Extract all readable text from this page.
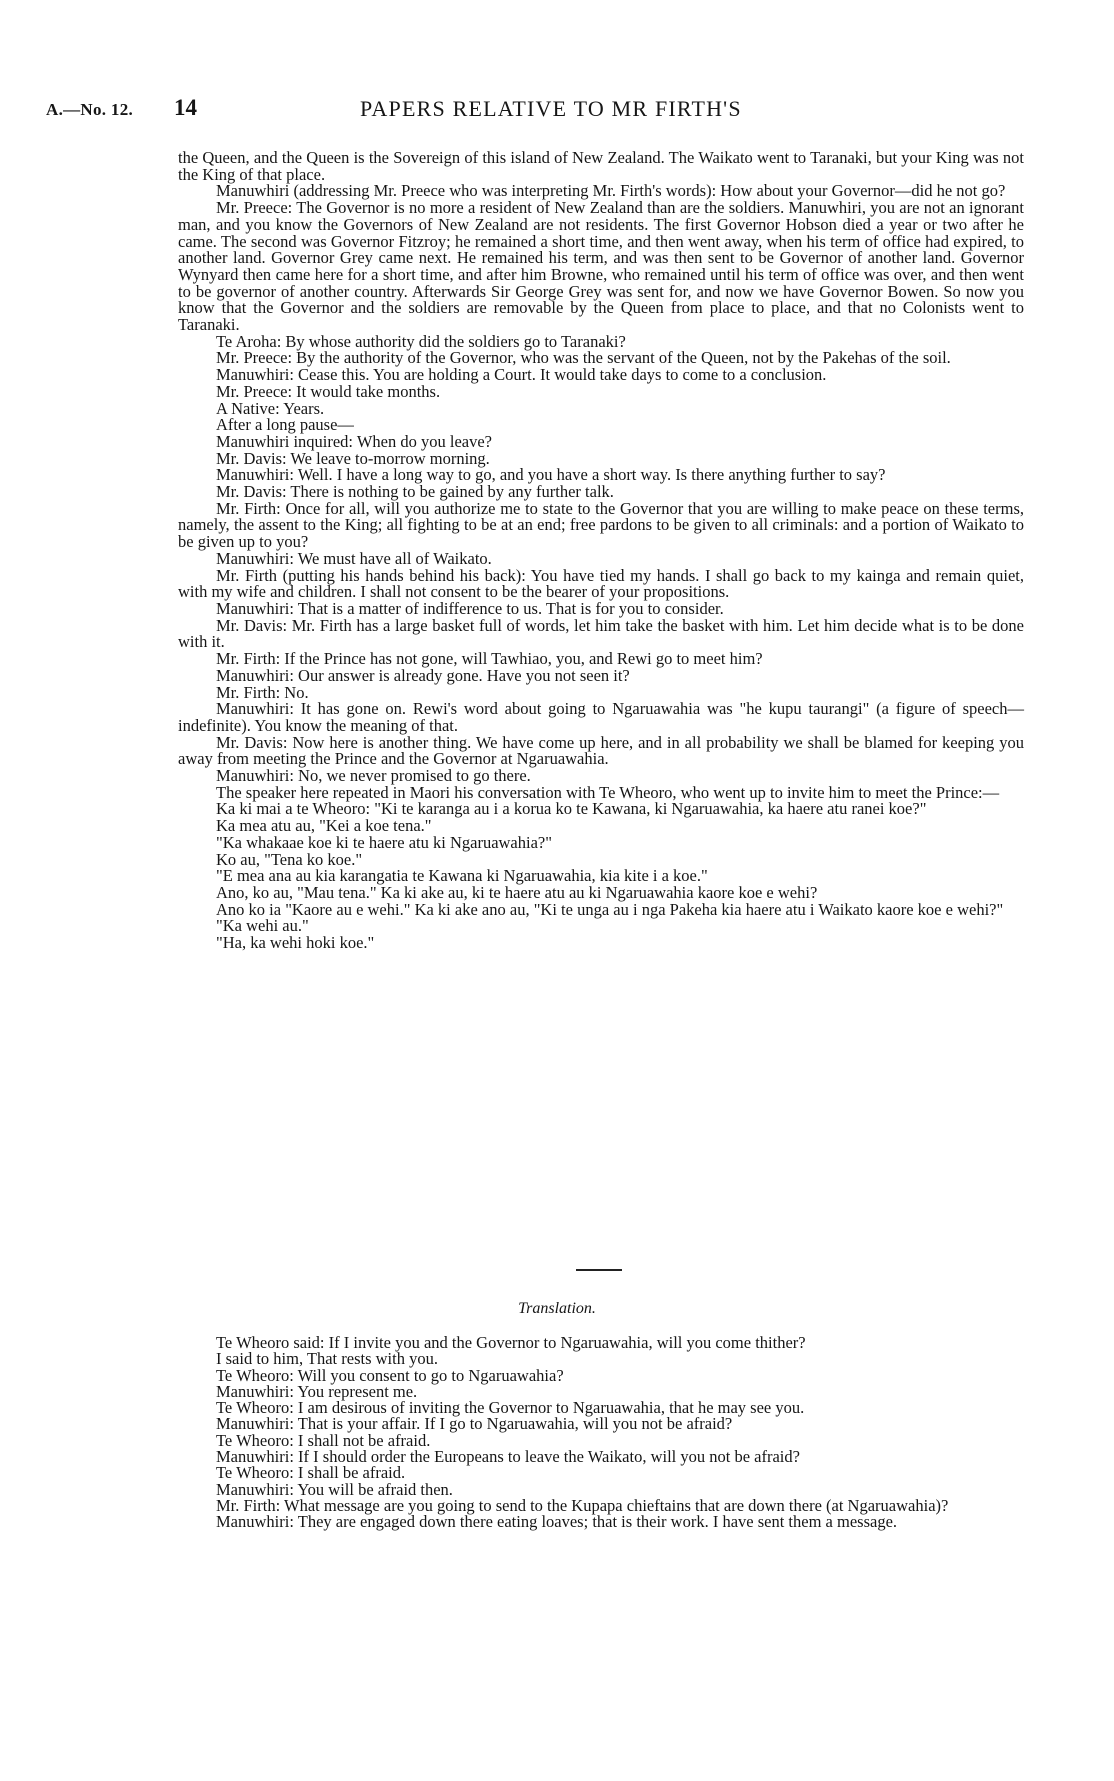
A.—No. 12. 14	PAPERS RELATIVE TO MR FIRTH'S

the Queen, and the Queen is the Sovereign of this island of New Zealand. The Waikato went to Taranaki, but your King was not the King of that place.

Manuwhiri (addressing Mr. Preece who was interpreting Mr. Firth's words): How about your Governor—did he not go?

Mr. Preece: The Governor is no more a resident of New Zealand than are the soldiers. Manuwhiri, you are not an ignorant man, and you know the Governors of New Zealand are not residents. The first Governor Hobson died a year or two after he came. The second was Governor Fitzroy; he remained a short time, and then went away, when his term of office had expired, to another land. Governor Grey came next. He remained his term, and was then sent to be Governor of another land. Governor Wynyard then came here for a short time, and after him Browne, who remained until his term of office was over, and then went to be governor of another country. Afterwards Sir George Grey was sent for, and now we have Governor Bowen. So now you know that the Governor and the soldiers are removable by the Queen from place to place, and that no Colonists went to Taranaki.

Te Aroha: By whose authority did the soldiers go to Taranaki?

Mr. Preece: By the authority of the Governor, who was the servant of the Queen, not by the Pakehas of the soil.

Manuwhiri: Cease this. You are holding a Court. It would take days to come to a conclusion.

Mr. Preece: It would take months.

A Native: Years.

After a long pause—

Manuwhiri inquired: When do you leave?

Mr. Davis: We leave to-morrow morning.

Manuwhiri: Well. I have a long way to go, and you have a short way. Is there anything further to say?

Mr. Davis: There is nothing to be gained by any further talk.

Mr. Firth: Once for all, will you authorize me to state to the Governor that you are willing to make peace on these terms, namely, the assent to the King; all fighting to be at an end; free pardons to be given to all criminals: and a portion of Waikato to be given up to you?

Manuwhiri: We must have all of Waikato.

Mr. Firth (putting his hands behind his back): You have tied my hands. I shall go back to my kainga and remain quiet, with my wife and children. I shall not consent to be the bearer of your propositions.

Manuwhiri: That is a matter of indifference to us. That is for you to consider.

Mr. Davis: Mr. Firth has a large basket full of words, let him take the basket with him. Let him decide what is to be done with it.

Mr. Firth: If the Prince has not gone, will Tawhiao, you, and Rewi go to meet him?

Manuwhiri: Our answer is already gone. Have you not seen it?

Mr. Firth: No.

Manuwhiri: It has gone on. Rewi's word about going to Ngaruawahia was "he kupu taurangi" (a figure of speech—indefinite). You know the meaning of that.

Mr. Davis: Now here is another thing. We have come up here, and in all probability we shall be blamed for keeping you away from meeting the Prince and the Governor at Ngaruawahia.

Manuwhiri: No, we never promised to go there.

The speaker here repeated in Maori his conversation with Te Wheoro, who went up to invite him to meet the Prince:—

Ka ki mai a te Wheoro: "Ki te karanga au i a korua ko te Kawana, ki Ngaruawahia, ka haere atu ranei koe?"

Ka mea atu au, "Kei a koe tena."

"Ka whakaae koe ki te haere atu ki Ngaruawahia?"

Ko au, "Tena ko koe."

"E mea ana au kia karangatia te Kawana ki Ngaruawahia, kia kite i a koe."

Ano, ko au, "Mau tena." Ka ki ake au, ki te haere atu au ki Ngaruawahia kaore koe e wehi?

Ano ko ia "Kaore au e wehi." Ka ki ake ano au, "Ki te unga au i nga Pakeha kia haere atu i Waikato kaore koe e wehi?"

"Ka wehi au."

"Ha, ka wehi hoki koe."

Translation.

Te Wheoro said: If I invite you and the Governor to Ngaruawahia, will you come thither?

I said to him, That rests with you.

Te Wheoro: Will you consent to go to Ngaruawahia?

Manuwhiri: You represent me.

Te Wheoro: I am desirous of inviting the Governor to Ngaruawahia, that he may see you.

Manuwhiri: That is your affair. If I go to Ngaruawahia, will you not be afraid?

Te Wheoro: I shall not be afraid.

Manuwhiri: If I should order the Europeans to leave the Waikato, will you not be afraid?

Te Wheoro: I shall be afraid.

Manuwhiri: You will be afraid then.

Mr. Firth: What message are you going to send to the Kupapa chieftains that are down there (at Ngaruawahia)?

Manuwhiri: They are engaged down there eating loaves; that is their work. I have sent them a message.
